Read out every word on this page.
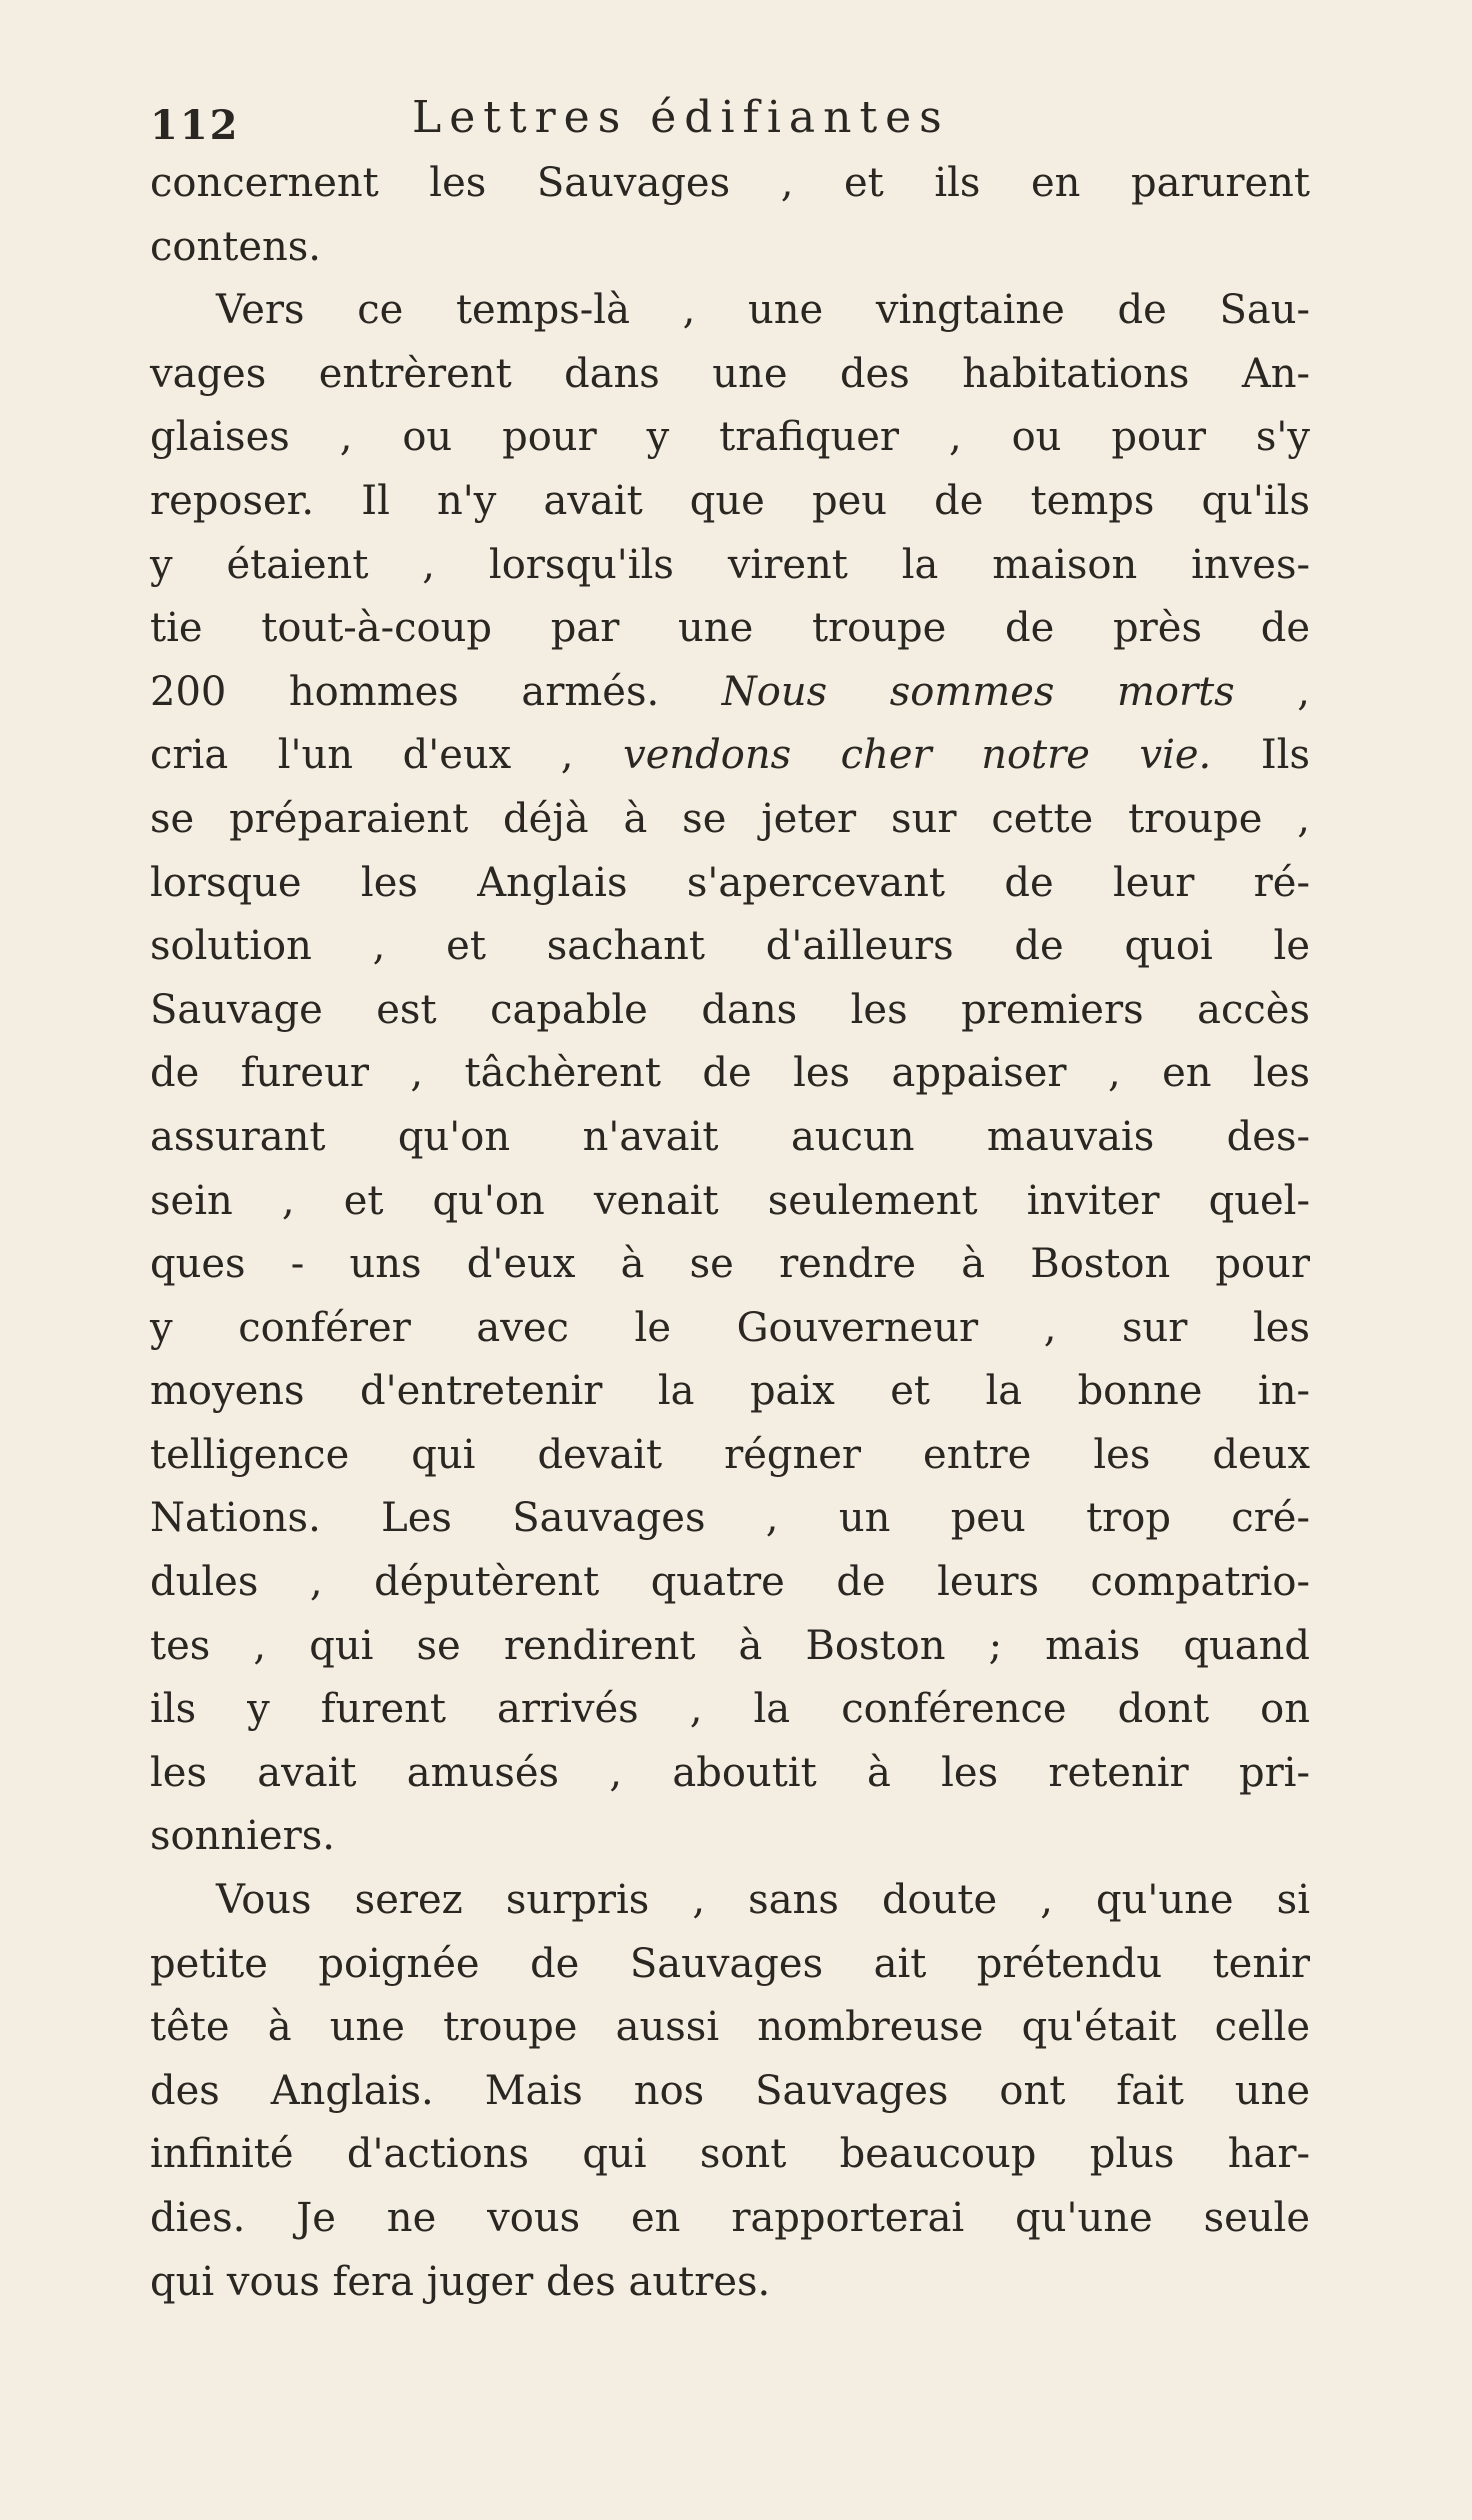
112	Lettres édifiantes
concernent les Sauvages , et ils en parurent
contens.
Vers ce temps-là , une vingtaine de Sau-
vages entrèrent dans une des habitations An-
glaises , ou pour y trafiquer , ou pour s'y
reposer. Il n'y avait que peu de temps qu'ils
y étaient , lorsqu'ils virent la maison inves-
tie tout-à-coup par une troupe de près de
200 hommes armés. Nous sommes morts ,
cria l'un d'eux , vendons cher notre vie. Ils
se préparaient déjà à se jeter sur cette troupe ,
lorsque les Anglais s'apercevant de leur ré-
solution , et sachant d'ailleurs de quoi le
Sauvage est capable dans les premiers accès
de fureur , tâchèrent de les appaiser , en les
assurant qu'on n'avait aucun mauvais des-
sein , et qu'on venait seulement inviter quel-
ques - uns d'eux à se rendre à Boston pour
y conférer avec le Gouverneur , sur les
moyens d'entretenir la paix et la bonne in-
telligence qui devait régner entre les deux
Nations. Les Sauvages , un peu trop cré-
dules , députèrent quatre de leurs compatrio-
tes , qui se rendirent à Boston ; mais quand
ils y furent arrivés , la conférence dont on
les avait amusés , aboutit à les retenir pri-
sonniers.
Vous serez surpris , sans doute , qu'une si
petite poignée de Sauvages ait prétendu tenir
tête à une troupe aussi nombreuse qu'était celle
des Anglais. Mais nos Sauvages ont fait une
infinité d'actions qui sont beaucoup plus har-
dies. Je ne vous en rapporterai qu'une seule
qui vous fera juger des autres.
